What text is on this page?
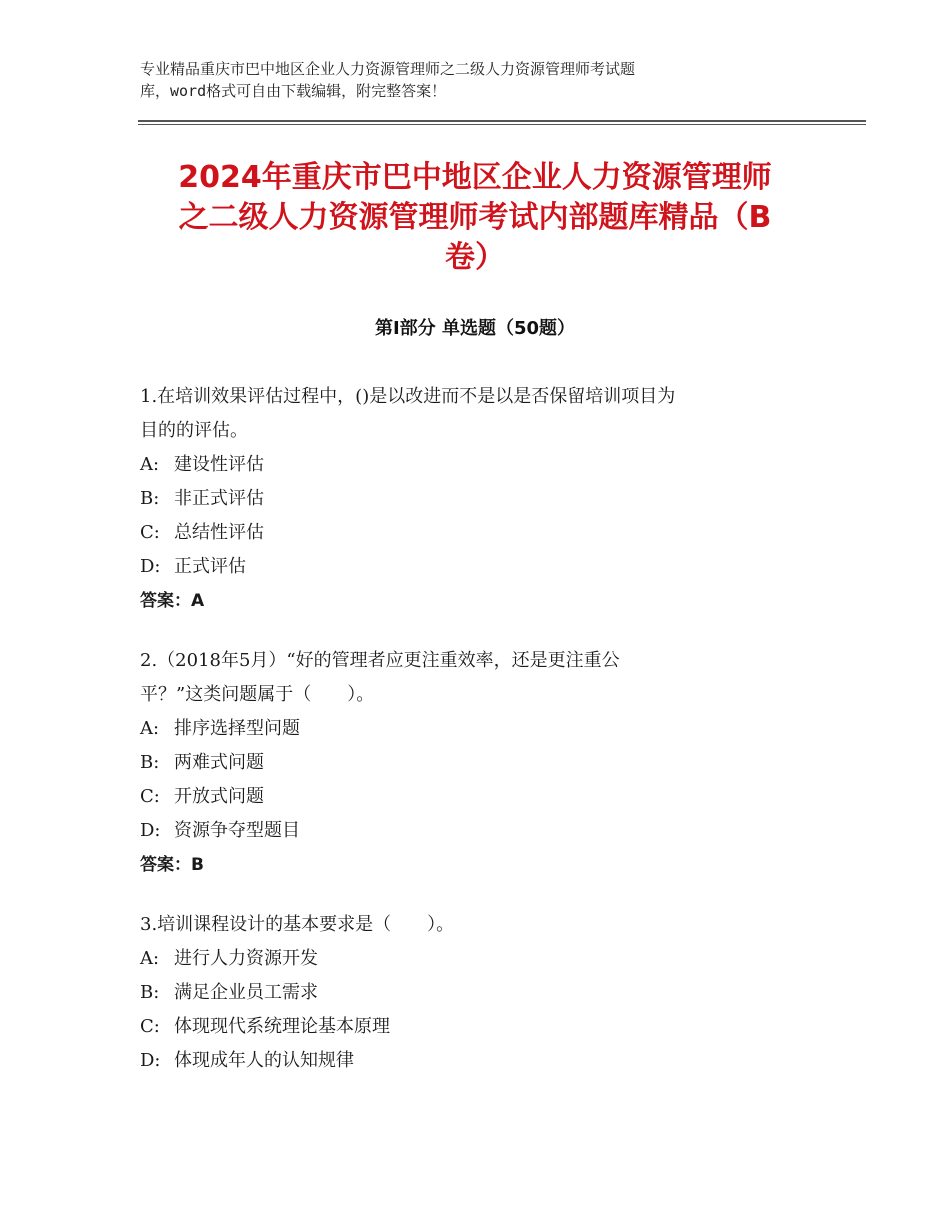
专业精品重庆市巴中地区企业人力资源管理师之二级人力资源管理师考试题
库，word格式可自由下载编辑，附完整答案！
2024年重庆市巴中地区企业人力资源管理师
之二级人力资源管理师考试内部题库精品（B
卷）
第Ⅰ部分 单选题（50题）

1.在培训效果评估过程中，()是以改进而不是以是否保留培训项目为
目的的评估。

A: 建设性评估

B: 非正式评估

C: 总结性评估

D: 正式评估

答案：A

2.（2018年5月）“好的管理者应更注重效率，还是更注重公
平？”这类问题属于（　　）。

A: 排序选择型问题

B: 两难式问题

C: 开放式问题

D: 资源争夺型题目

答案：B

3.培训课程设计的基本要求是（　　）。

A: 进行人力资源开发

B: 满足企业员工需求

C: 体现现代系统理论基本原理

D: 体现成年人的认知规律
